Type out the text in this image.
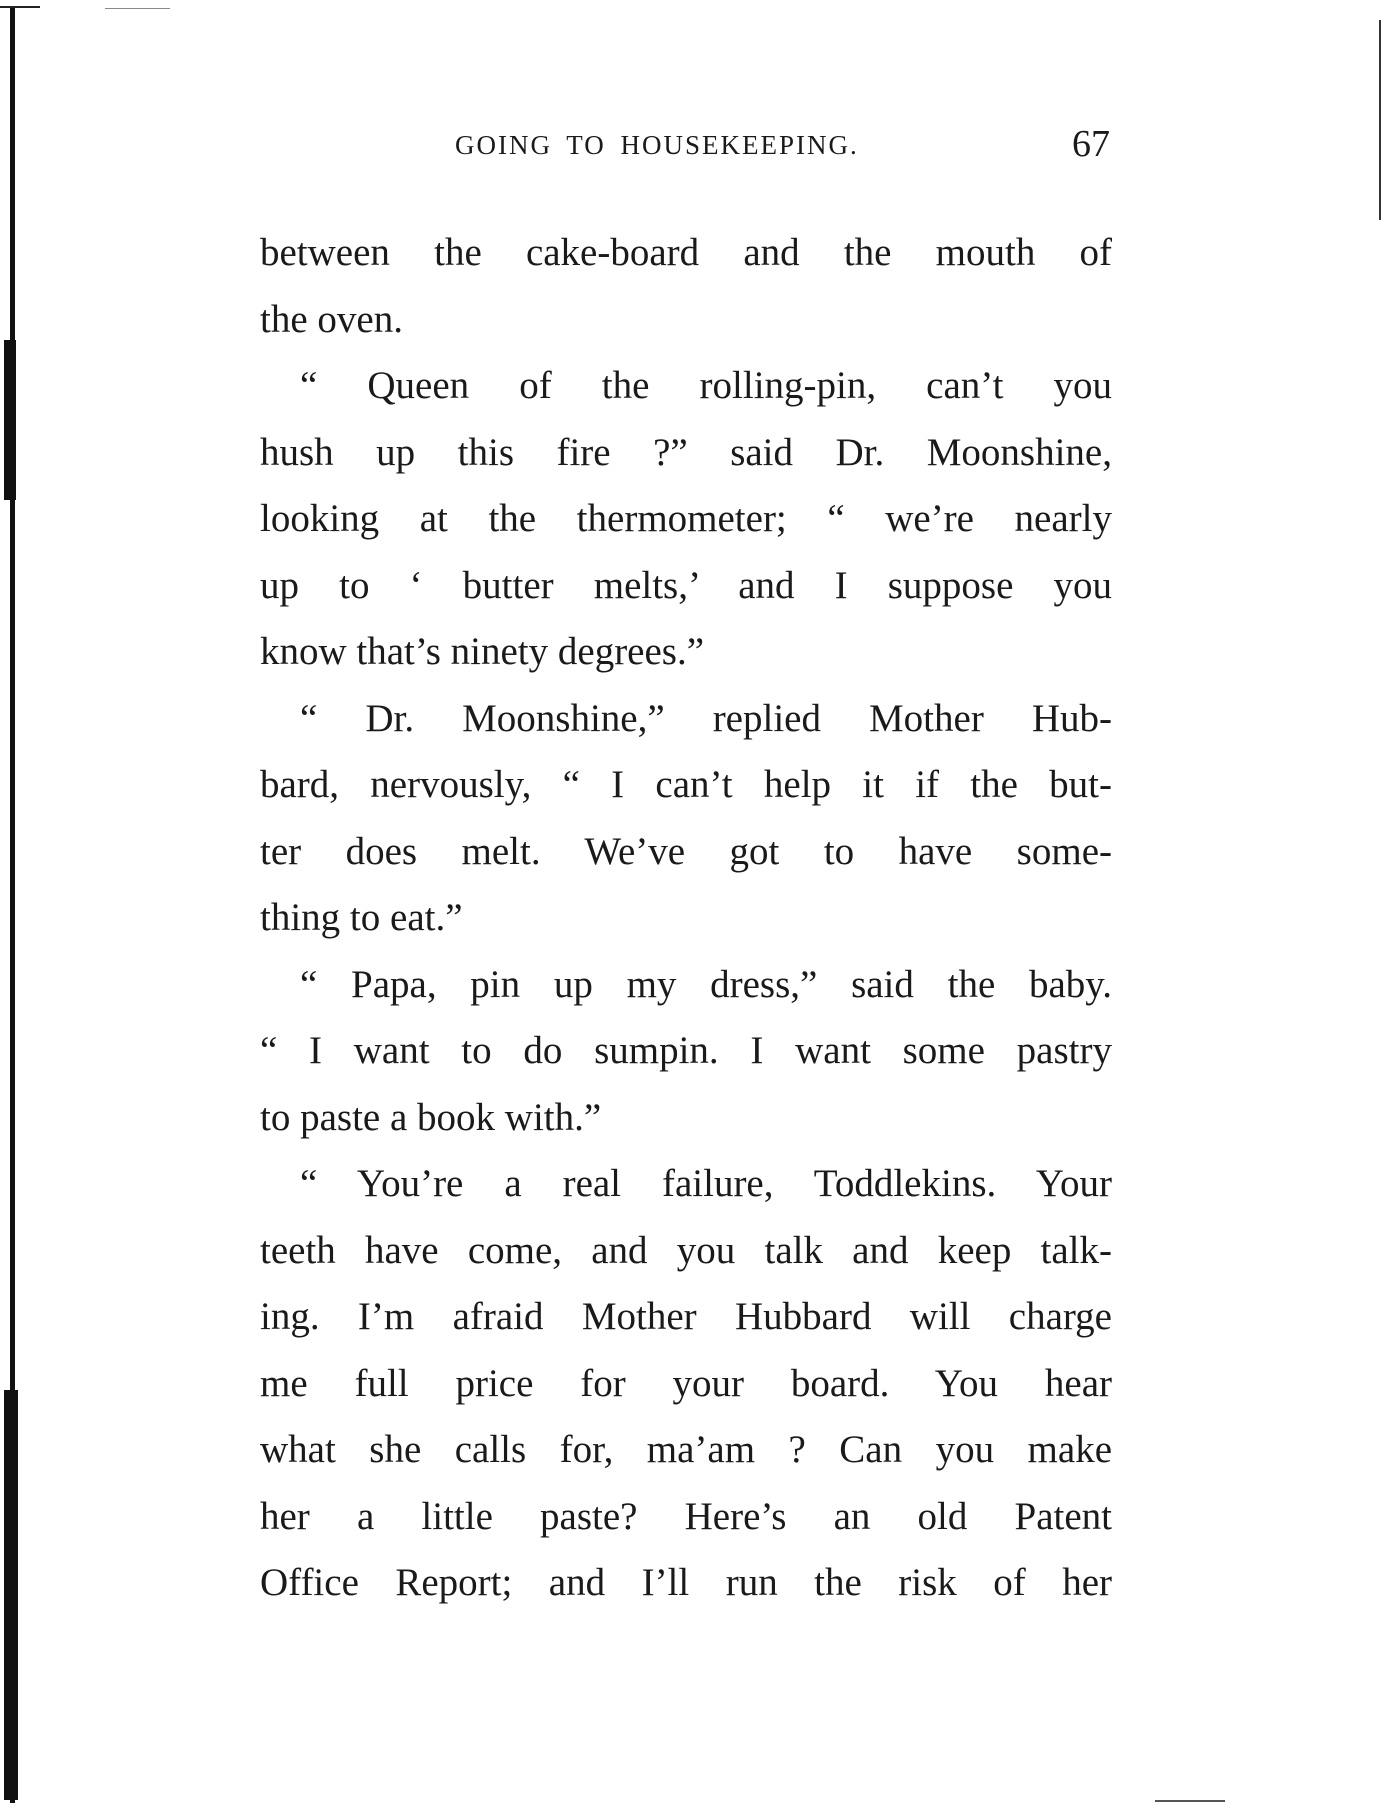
GOING TO HOUSEKEEPING.	67
between the cake-board and the mouth of
the oven.
“ Queen of the rolling-pin, can’t you
hush up this fire ?” said Dr. Moonshine,
looking at the thermometer; “ we’re nearly
up to ‘ butter melts,’ and I suppose you
know that’s ninety degrees.”
“ Dr. Moonshine,” replied Mother Hub-
bard, nervously, “ I can’t help it if the but-
ter does melt. We’ve got to have some-
thing to eat.”
“ Papa, pin up my dress,” said the baby.
“ I want to do sumpin. I want some pastry
to paste a book with.”
“ You’re a real failure, Toddlekins. Your
teeth have come, and you talk and keep talk-
ing. I’m afraid Mother Hubbard will charge
me full price for your board. You hear
what she calls for, ma’am ? Can you make
her a little paste? Here’s an old Patent
Office Report; and I’ll run the risk of her
